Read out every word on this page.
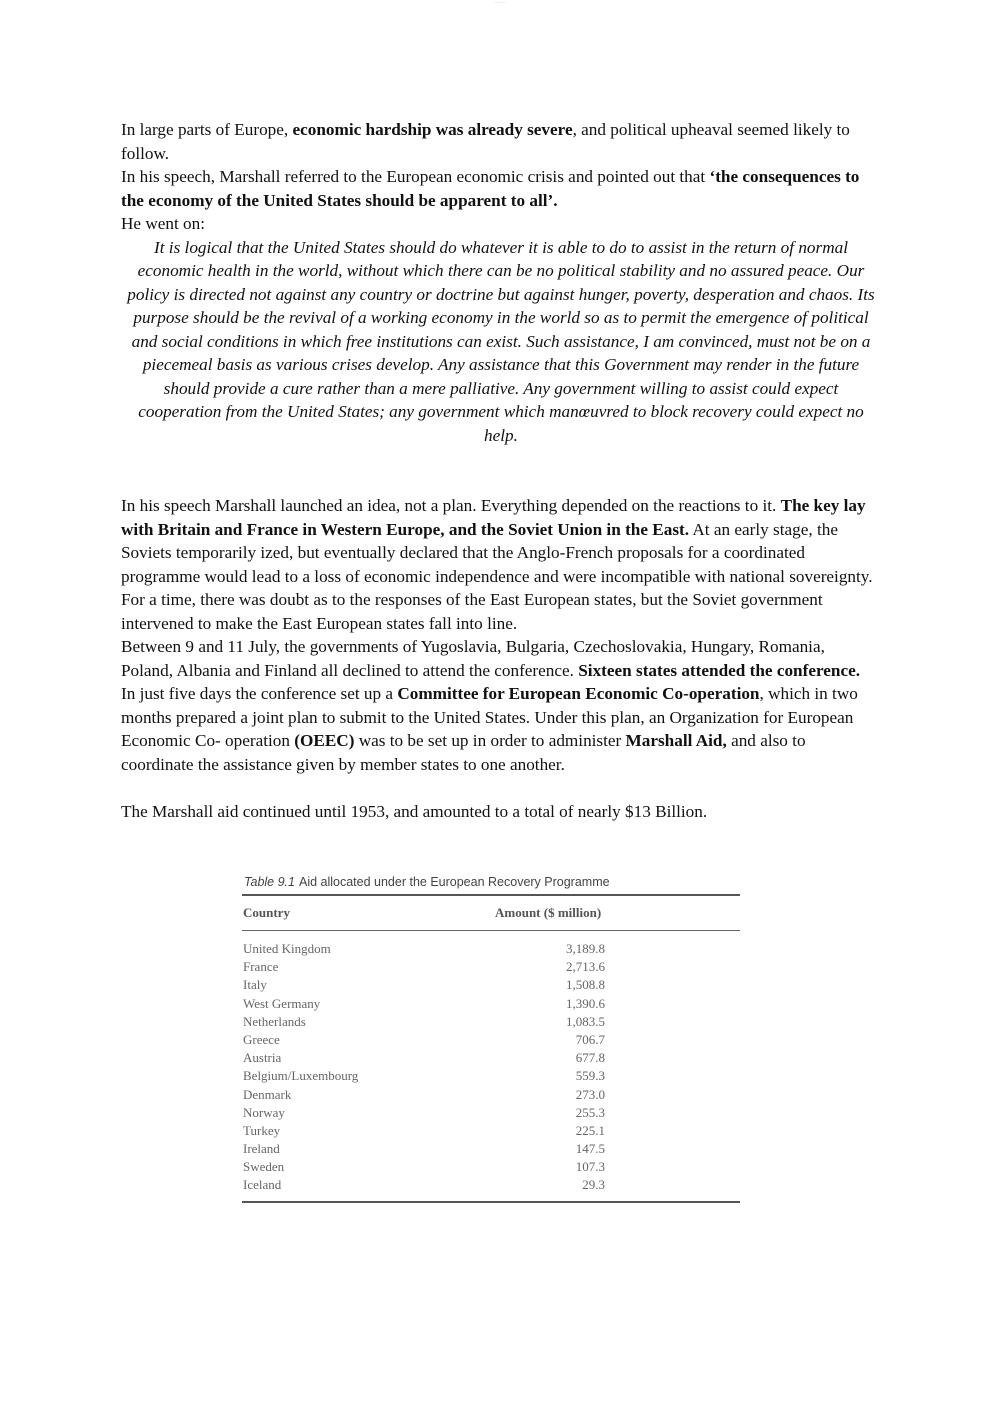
———

In large parts of Europe, economic hardship was already severe, and political upheaval seemed likely to follow.

In his speech, Marshall referred to the European economic crisis and pointed out that ‘the consequences to the economy of the United States should be apparent to all’.

He went on:

It is logical that the United States should do whatever it is able to do to assist in the return of normal economic health in the world, without which there can be no political stability and no assured peace. Our policy is directed not against any country or doctrine but against hunger, poverty, desperation and chaos. Its purpose should be the revival of a working economy in the world so as to permit the emergence of political and social conditions in which free institutions can exist. Such assistance, I am convinced, must not be on a piecemeal basis as various crises develop. Any assistance that this Government may render in the future should provide a cure rather than a mere palliative. Any government willing to assist could expect cooperation from the United States; any government which manœuvred to block recovery could expect no help.

In his speech Marshall launched an idea, not a plan. Everything depended on the reactions to it. The key lay with Britain and France in Western Europe, and the Soviet Union in the East. At an early stage, the Soviets temporarily ized, but eventually declared that the Anglo-French proposals for a coordinated programme would lead to a loss of economic independence and were incompatible with national sovereignty.

For a time, there was doubt as to the responses of the East European states, but the Soviet government intervened to make the East European states fall into line.

Between 9 and 11 July, the governments of Yugoslavia, Bulgaria, Czechoslovakia, Hungary, Romania, Poland, Albania and Finland all declined to attend the conference. Sixteen states attended the conference.

In just five days the conference set up a Committee for European Economic Co-operation, which in two months prepared a joint plan to submit to the United States. Under this plan, an Organization for European Economic Co- operation (OEEC) was to be set up in order to administer Marshall Aid, and also to coordinate the assistance given by member states to one another.

The Marshall aid continued until 1953, and amounted to a total of nearly $13 Billion.

Table 9.1 Aid allocated under the European Recovery Programme
Country	Amount ($ million)
United Kingdom	3,189.8
France	2,713.6
Italy	1,508.8
West Germany	1,390.6
Netherlands	1,083.5
Greece	706.7
Austria	677.8
Belgium/Luxembourg	559.3
Denmark	273.0
Norway	255.3
Turkey	225.1
Ireland	147.5
Sweden	107.3
Iceland	29.3
